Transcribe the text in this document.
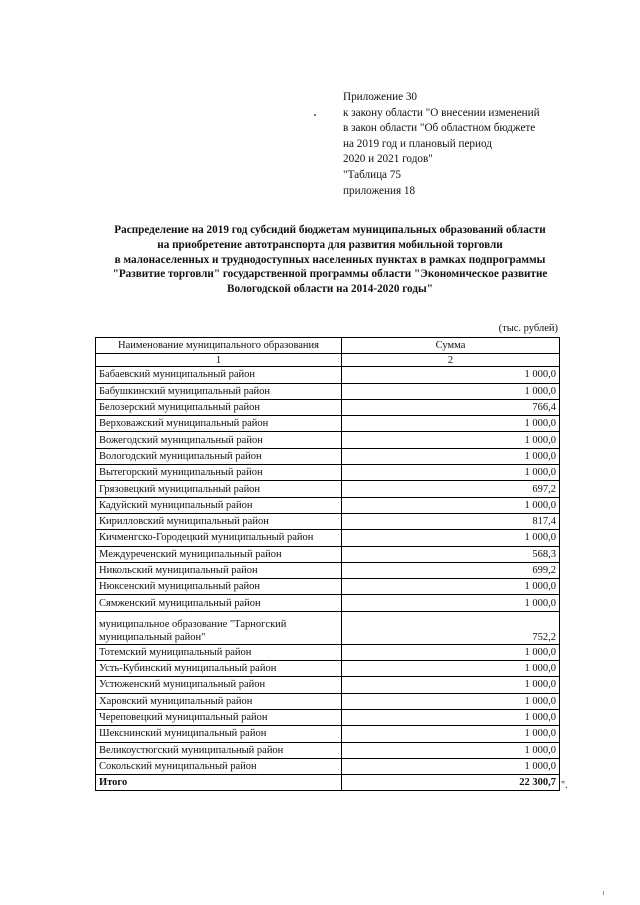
Приложение 30
к закону области "О внесении изменений
в закон области "Об областном бюджете
на 2019 год и плановый период
2020 и 2021 годов"
"Таблица 75
приложения 18
Распределение на 2019 год субсидий бюджетам муниципальных образований области
на приобретение автотранспорта для развития мобильной торговли
в малонаселенных и труднодоступных населенных пунктах в рамках подпрограммы
"Развитие торговли" государственной программы области "Экономическое развитие
Вологодской области на 2014-2020 годы"
(тыс. рублей)
Наименование муниципального образования	Сумма
1	2
Бабаевский муниципальный район	1 000,0
Бабушкинский муниципальный район	1 000,0
Белозерский муниципальный район	766,4
Верховажский муниципальный район	1 000,0
Вожегодский муниципальный район	1 000,0
Вологодский муниципальный район	1 000,0
Вытегорский муниципальный район	1 000,0
Грязовецкий муниципальный район	697,2
Кадуйский муниципальный район	1 000,0
Кирилловский муниципальный район	817,4
Кичменгско-Городецкий муниципальный район	1 000,0
Междуреченский муниципальный район	568,3
Никольский муниципальный район	699,2
Нюксенский муниципальный район	1 000,0
Сямженский муниципальный район	1 000,0
муниципальное образование "Тарногский муниципальный район"	752,2
Тотемский муниципальный район	1 000,0
Усть-Кубинский муниципальный район	1 000,0
Устюженский муниципальный район	1 000,0
Харовский муниципальный район	1 000,0
Череповецкий муниципальный район	1 000,0
Шекснинский муниципальный район	1 000,0
Великоустюгский муниципальный район	1 000,0
Сокольский муниципальный район	1 000,0
Итого	22 300,7 ".
